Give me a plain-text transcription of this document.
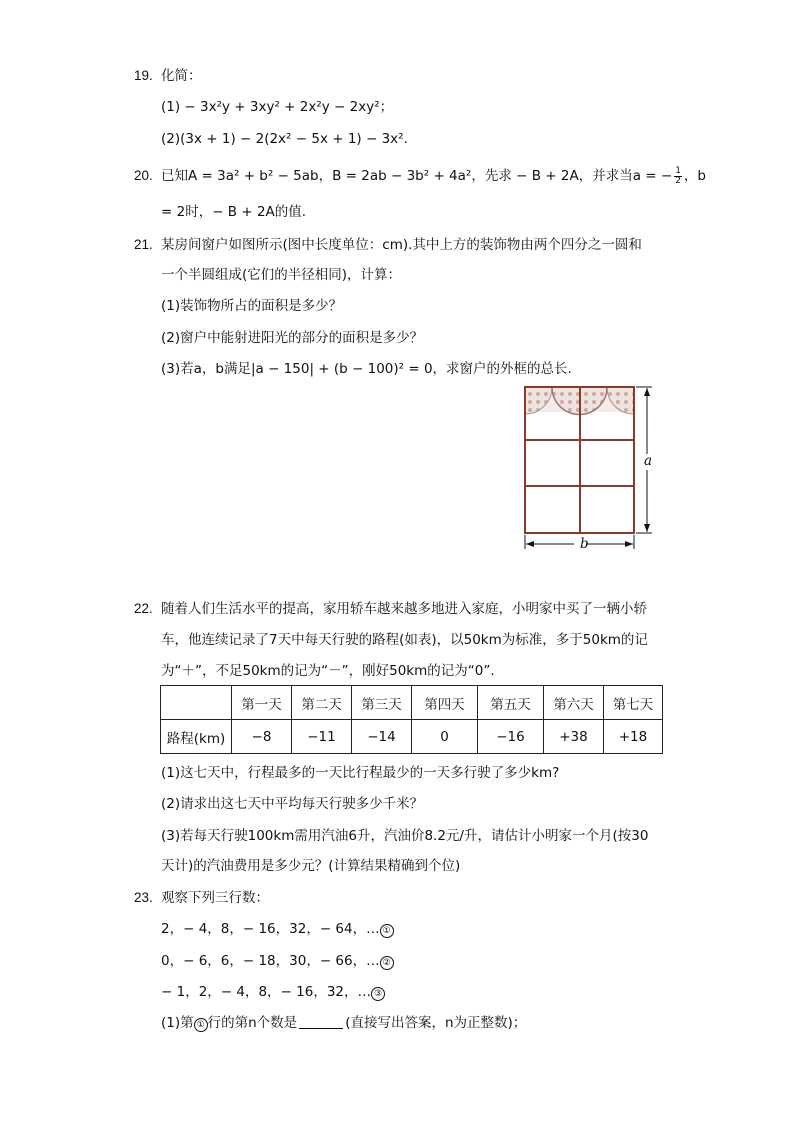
19. 化简：
(1) − 3x²y + 3xy² + 2x²y − 2xy²；
(2)(3x + 1) − 2(2x² − 5x + 1) − 3x².
20. 已知A = 3a² + b² − 5ab，B = 2ab − 3b² + 4a²，先求 − B + 2A，并求当a = − $\frac{1}{2}$ ，b
= 2时，− B + 2A的值.
21. 某房间窗户如图所示(图中长度单位：cm).其中上方的装饰物由两个四分之一圆和
一个半圆组成(它们的半径相同)，计算：
(1)装饰物所占的面积是多少？
(2)窗户中能射进阳光的部分的面积是多少？
(3)若a，b满足|a − 150| + (b − 100)² = 0，求窗户的外框的总长.
a
b
22. 随着人们生活水平的提高，家用轿车越来越多地进入家庭，小明家中买了一辆小轿
车，他连续记录了7天中每天行驶的路程(如表)，以50km为标准，多于50km的记
为“＋”，不足50km的记为“－”，刚好50km的记为“0”.
	第一天	第二天	第三天	第四天	第五天	第六天	第七天
路程(km)	−8	−11	−14	0	−16	+38	+18
(1)这七天中，行程最多的一天比行程最少的一天多行驶了多少km?
(2)请求出这七天中平均每天行驶多少千米？
(3)若每天行驶100km需用汽油6升，汽油价8.2元/升，请估计小明家一个月(按30
天计)的汽油费用是多少元？(计算结果精确到个位)
23. 观察下列三行数：
2，− 4，8，− 16，32，− 64，… ①
0，− 6，6，− 18，30，− 66，… ②
− 1，2，− 4，8，− 16，32，… ③
(1)第 ① 行的第n个数是	(直接写出答案，n为正整数)；
